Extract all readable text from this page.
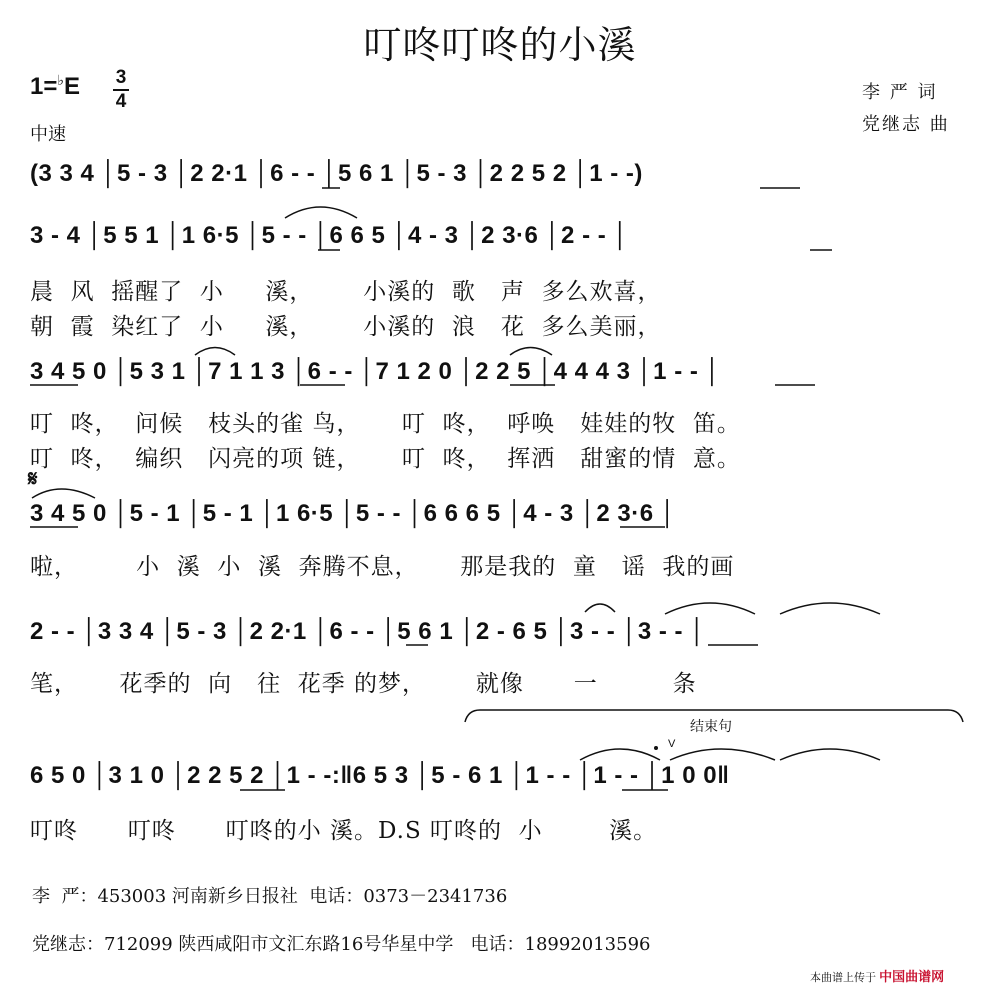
叮咚叮咚的小溪
1=♭E 3
4
中速
李 严 词
党继志 曲
(3 3 4 │5 - 3 │2 2·1 │6 - - │5 6 1 │5 - 3 │2 2 5 2 │1 - -)
3 - 4 │5 5 1 │1 6·5 │5 - - │6 6 5 │4 - 3 │2 3·6 │2 - - │
晨  风  摇醒了  小     溪，      小溪的  歌   声  多么欢喜，
朝  霞  染红了  小     溪，      小溪的  浪   花  多么美丽，
3 4 5 0 │5 3 1 │7 1 1 3 │6 - - │7 1 2 0 │2 2 5 │4 4 4 3 │1 - - │
叮  咚，  问候   枝头的雀 鸟，     叮  咚，  呼唤   娃娃的牧  笛。
叮  咚，  编织   闪亮的项 链，     叮  咚，  挥洒   甜蜜的情  意。
𝄋
3 4 5 0 │5 - 1 │5 - 1 │1 6·5 │5 - - │6 6 6 5 │4 - 3 │2 3·6 │
啦，       小  溪  小  溪  奔腾不息，     那是我的  童   谣  我的画
2 - - │3 3 4 │5 - 3 │2 2·1 │6 - - │5 6 1 │2 - 6 5 │3 - - │3 - - │
笔，     花季的  向   往  花季 的梦，      就像      一         条
结束句
V
6 5 0 │3 1 0 │2 2 5 2 │1 - -:‖6 5 3 │5 - 6 1 │1 - - │1 - - │1 0 0‖
叮咚      叮咚      叮咚的小 溪。D.S 叮咚的  小        溪。
李  严：453003 河南新乡日报社  电话：0373－2341736
党继志：712099 陕西咸阳市文汇东路16号华星中学   电话：18992013596
本曲谱上传于 中国曲谱网
